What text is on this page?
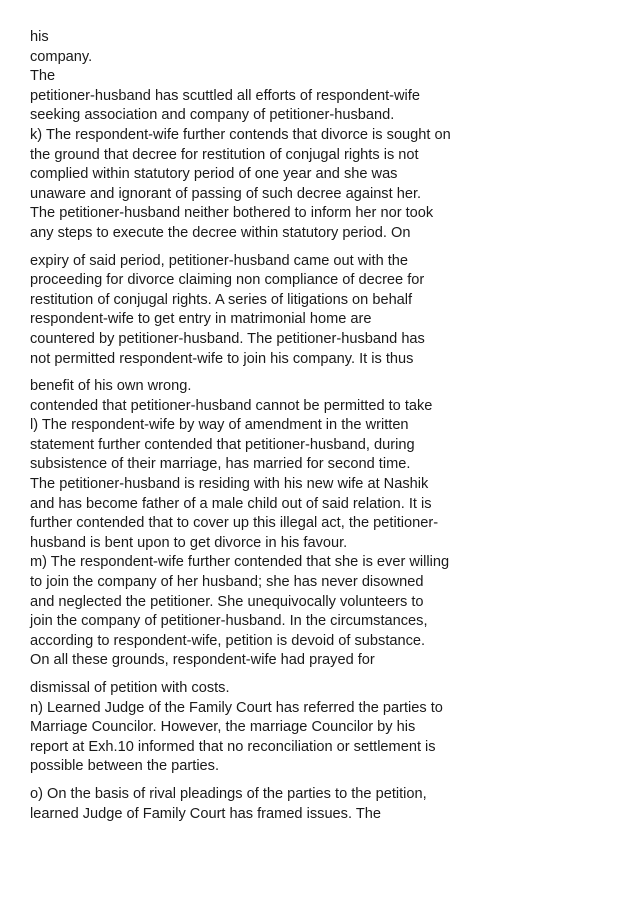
his
company.
The
petitioner-husband has scuttled all efforts of respondent-wife
seeking association and company of petitioner-husband.
k) The respondent-wife further contends that divorce is sought on
the ground that decree for restitution of conjugal rights is not
complied within statutory period of one year and she was
unaware and ignorant of passing of such decree against her.
The petitioner-husband neither bothered to inform her nor took
any steps to execute the decree within statutory period. On
expiry of said period, petitioner-husband came out with the
proceeding for divorce claiming non compliance of decree for
restitution of conjugal rights. A series of litigations on behalf
respondent-wife to get entry in matrimonial home are
countered by petitioner-husband. The petitioner-husband has
not permitted respondent-wife to join his company. It is thus
benefit of his own wrong.
contended that petitioner-husband cannot be permitted to take
l) The respondent-wife by way of amendment in the written
statement further contended that petitioner-husband, during
subsistence of their marriage, has married for second time.
The petitioner-husband is residing with his new wife at Nashik
and has become father of a male child out of said relation. It is
further contended that to cover up this illegal act, the petitioner-
husband is bent upon to get divorce in his favour.
m) The respondent-wife further contended that she is ever willing
to join the company of her husband; she has never disowned
and neglected the petitioner. She unequivocally volunteers to
join the company of petitioner-husband. In the circumstances,
according to respondent-wife, petition is devoid of substance.
On all these grounds, respondent-wife had prayed for
dismissal of petition with costs.
n) Learned Judge of the Family Court has referred the parties to
Marriage Councilor. However, the marriage Councilor by his
report at Exh.10 informed that no reconciliation or settlement is
possible between the parties.
o) On the basis of rival pleadings of the parties to the petition,
learned Judge of Family Court has framed issues. The
